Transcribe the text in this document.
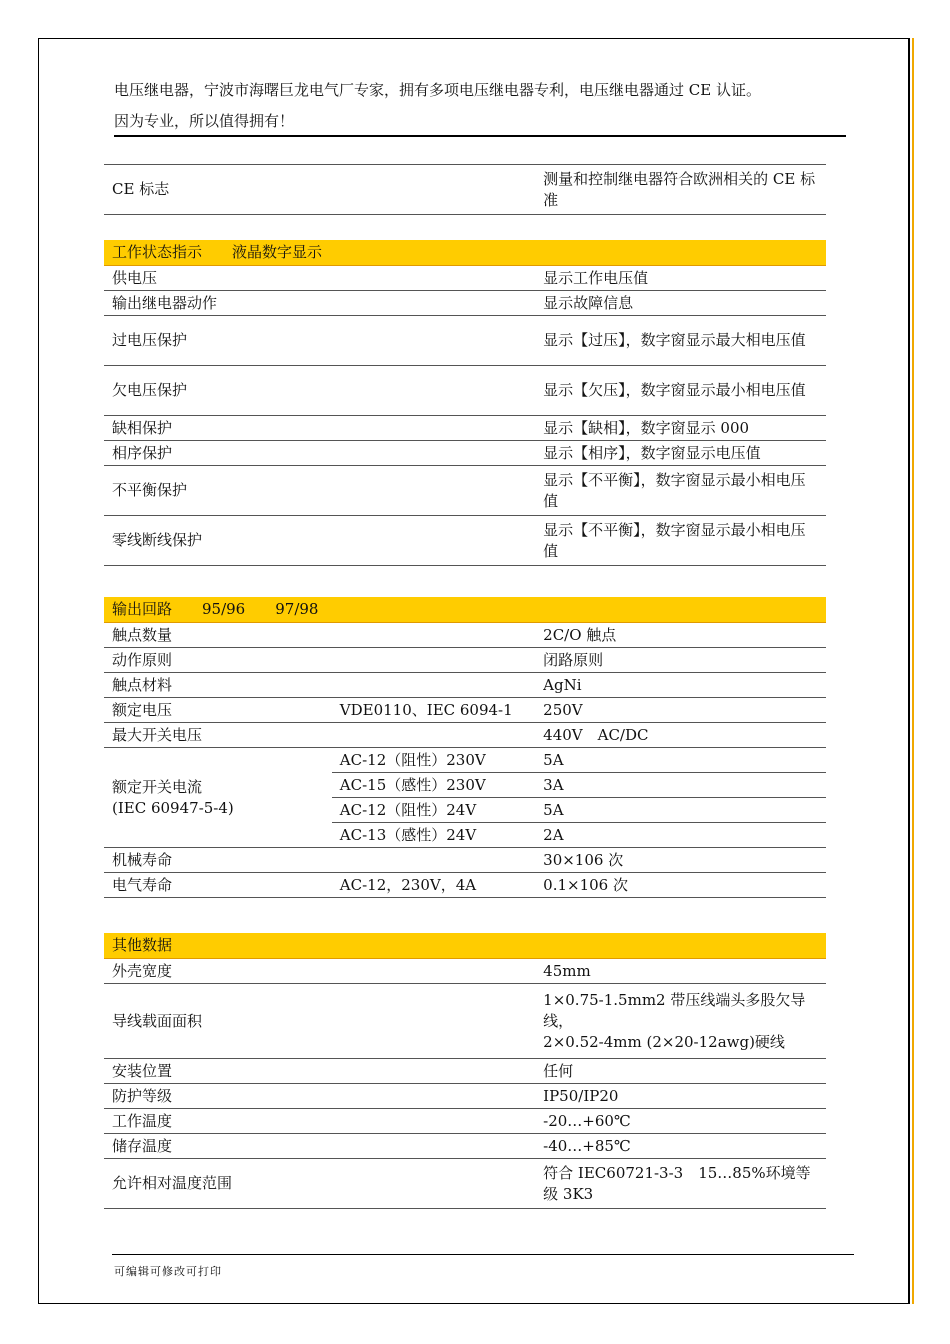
电压继电器，宁波市海曙巨龙电气厂专家，拥有多项电压继电器专利，电压继电器通过 CE 认证。
因为专业，所以值得拥有！
CE 标志		测量和控制继电器符合欧洲相关的 CE 标准
工作状态指示　　液晶数字显示		
供电压		显示工作电压值
输出继电器动作		显示故障信息
过电压保护		显示【过压】，数字窗显示最大相电压值
欠电压保护		显示【欠压】，数字窗显示最小相电压值
缺相保护		显示【缺相】，数字窗显示 000
相序保护		显示【相序】，数字窗显示电压值
不平衡保护		显示【不平衡】，数字窗显示最小相电压值
零线断线保护		显示【不平衡】，数字窗显示最小相电压值
输出回路　　95/96　　97/98		
触点数量		2C/O 触点
动作原则		闭路原则
触点材料		AgNi
额定电压	VDE0110、IEC 6094-1	250V
最大开关电压		440V　AC/DC

额定开关电流
(IEC 60947-5-4)	AC-12（阻性）230V	5A
	AC-15（感性）230V	3A
	AC-12（阻性）24V	5A
	AC-13（感性）24V	2A
机械寿命		30×106 次
电气寿命	AC-12，230V，4A	0.1×106 次
其他数据		
外壳宽度		45mm
导线载面面积		1×0.75-1.5mm2 带压线端头多股欠导线，
2×0.52-4mm (2×20-12awg)硬线

安装位置		任何
防护等级		IP50/IP20
工作温度		-20…+60℃
储存温度		-40…+85℃
允许相对温度范围		符合 IEC60721-3-3　15…85%环境等级 3K3
可编辑可修改可打印
